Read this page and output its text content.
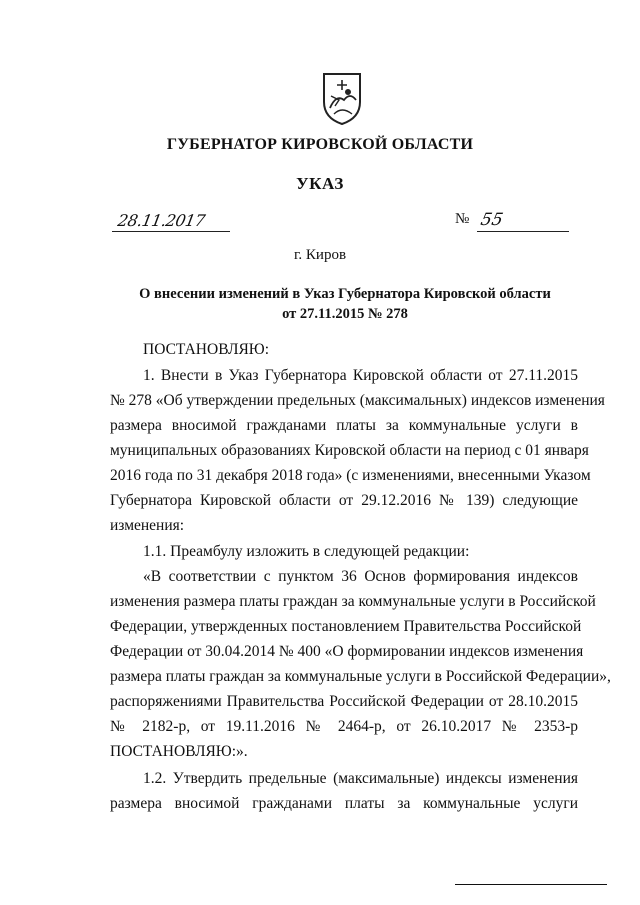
ГУБЕРНАТОР КИРОВСКОЙ ОБЛАСТИ
УКАЗ
28.11.2017	№ 55
г. Киров
О внесении изменений в Указ Губернатора Кировской области
от 27.11.2015 № 278
ПОСТАНОВЛЯЮ:
1. Внести в Указ Губернатора Кировской области от 27.11.2015
№ 278 «Об утверждении предельных (максимальных) индексов изменения
размера вносимой гражданами платы за коммунальные услуги в
муниципальных образованиях Кировской области на период с 01 января
2016 года по 31 декабря 2018 года» (с изменениями, внесенными Указом
Губернатора Кировской области от 29.12.2016 № 139) следующие
изменения:
1.1. Преамбулу изложить в следующей редакции:
«В соответствии с пунктом 36 Основ формирования индексов
изменения размера платы граждан за коммунальные услуги в Российской
Федерации, утвержденных постановлением Правительства Российской
Федерации от 30.04.2014 № 400 «О формировании индексов изменения
размера платы граждан за коммунальные услуги в Российской Федерации»,
распоряжениями Правительства Российской Федерации от 28.10.2015
№ 2182-р, от 19.11.2016 № 2464-р, от 26.10.2017 № 2353-р
ПОСТАНОВЛЯЮ:».
1.2. Утвердить предельные (максимальные) индексы изменения
размера вносимой гражданами платы за коммунальные услуги
